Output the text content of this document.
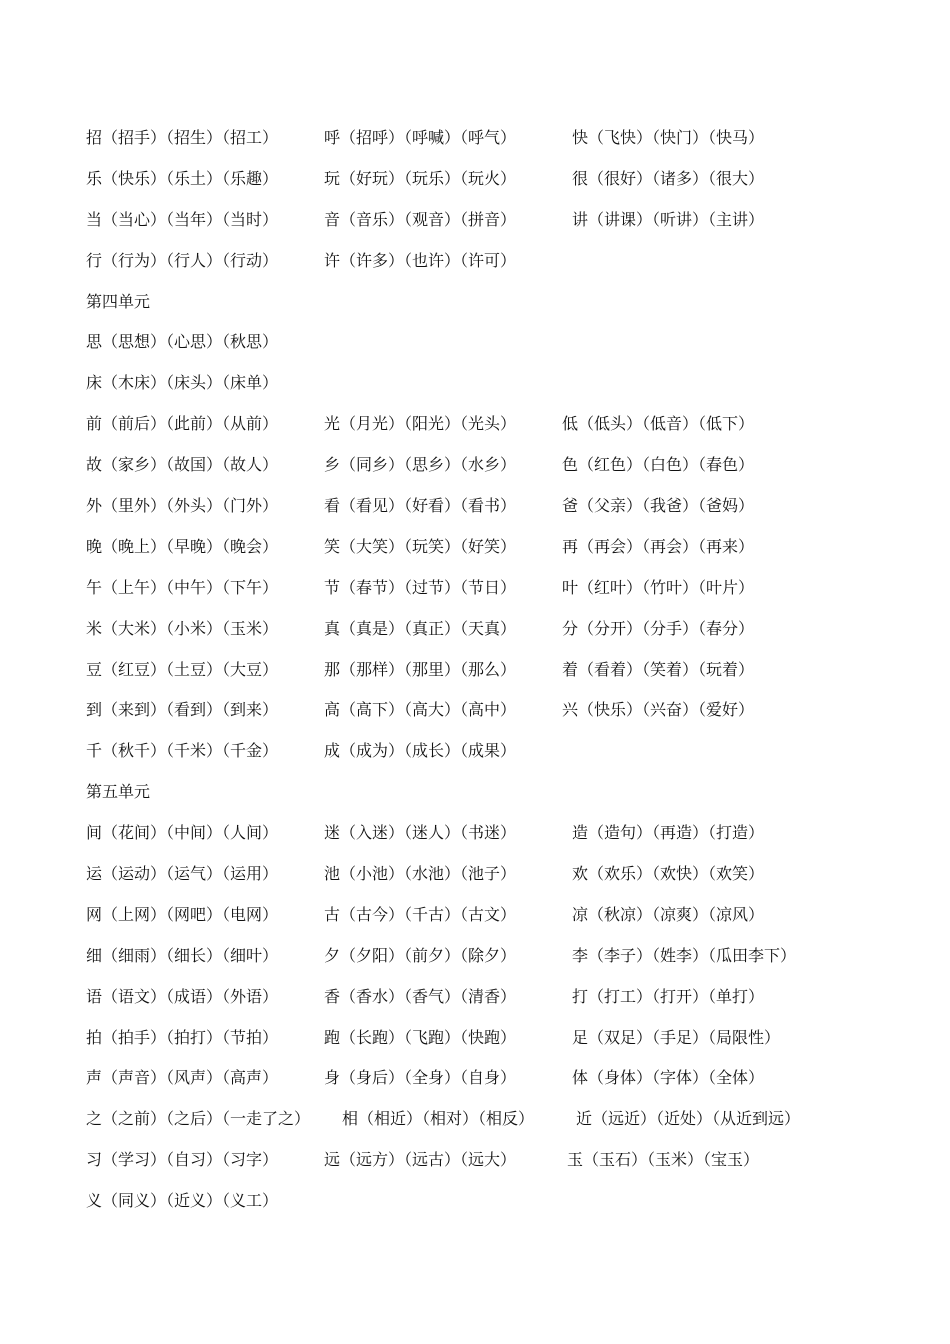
招（招手）（招生）（招工）	呼（招呼）（呼喊）（呼气）	快（飞快）（快门）（快马）
乐（快乐）（乐土）（乐趣）	玩（好玩）（玩乐）（玩火）	很（很好）（诸多）（很大）
当（当心）（当年）（当时）	音（音乐）（观音）（拼音）	讲（讲课）（听讲）（主讲）
行（行为）（行人）（行动）	许（许多）（也许）（许可）
第四单元
思（思想）（心思）（秋思）
床（木床）（床头）（床单）
前（前后）（此前）（从前）	光（月光）（阳光）（光头）	低（低头）（低音）（低下）
故（家乡）（故国）（故人）	乡（同乡）（思乡）（水乡）	色（红色）（白色）（春色）
外（里外）（外头）（门外）	看（看见）（好看）（看书）	爸（父亲）（我爸）（爸妈）
晚（晚上）（早晚）（晚会）	笑（大笑）（玩笑）（好笑）	再（再会）（再会）（再来）
午（上午）（中午）（下午）	节（春节）（过节）（节日）	叶（红叶）（竹叶）（叶片）
米（大米）（小米）（玉米）	真（真是）（真正）（天真）	分（分开）（分手）（春分）
豆（红豆）（土豆）（大豆）	那（那样）（那里）（那么）	着（看着）（笑着）（玩着）
到（来到）（看到）（到来）	高（高下）（高大）（高中）	兴（快乐）（兴奋）（爱好）
千（秋千）（千米）（千金）	成（成为）（成长）（成果）
第五单元
间（花间）（中间）（人间）	迷（入迷）（迷人）（书迷）	造（造句）（再造）（打造）
运（运动）（运气）（运用）	池（小池）（水池）（池子）	欢（欢乐）（欢快）（欢笑）
网（上网）（网吧）（电网）	古（古今）（千古）（古文）	凉（秋凉）（凉爽）（凉风）
细（细雨）（细长）（细叶）	夕（夕阳）（前夕）（除夕）	李（李子）（姓李）（瓜田李下）
语（语文）（成语）（外语）	香（香水）（香气）（清香）	打（打工）（打开）（单打）
拍（拍手）（拍打）（节拍）	跑（长跑）（飞跑）（快跑）	足（双足）（手足）（局限性）
声（声音）（风声）（高声）	身（身后）（全身）（自身）	体（身体）（字体）（全体）
之（之前）（之后）（一走了之） 相（相近）（相对）（相反）	近（远近）（近处）（从近到远）
习（学习）（自习）（习字）	远（远方）（远古）（远大）	玉（玉石）（玉米）（宝玉）
义（同义）（近义）（义工）
